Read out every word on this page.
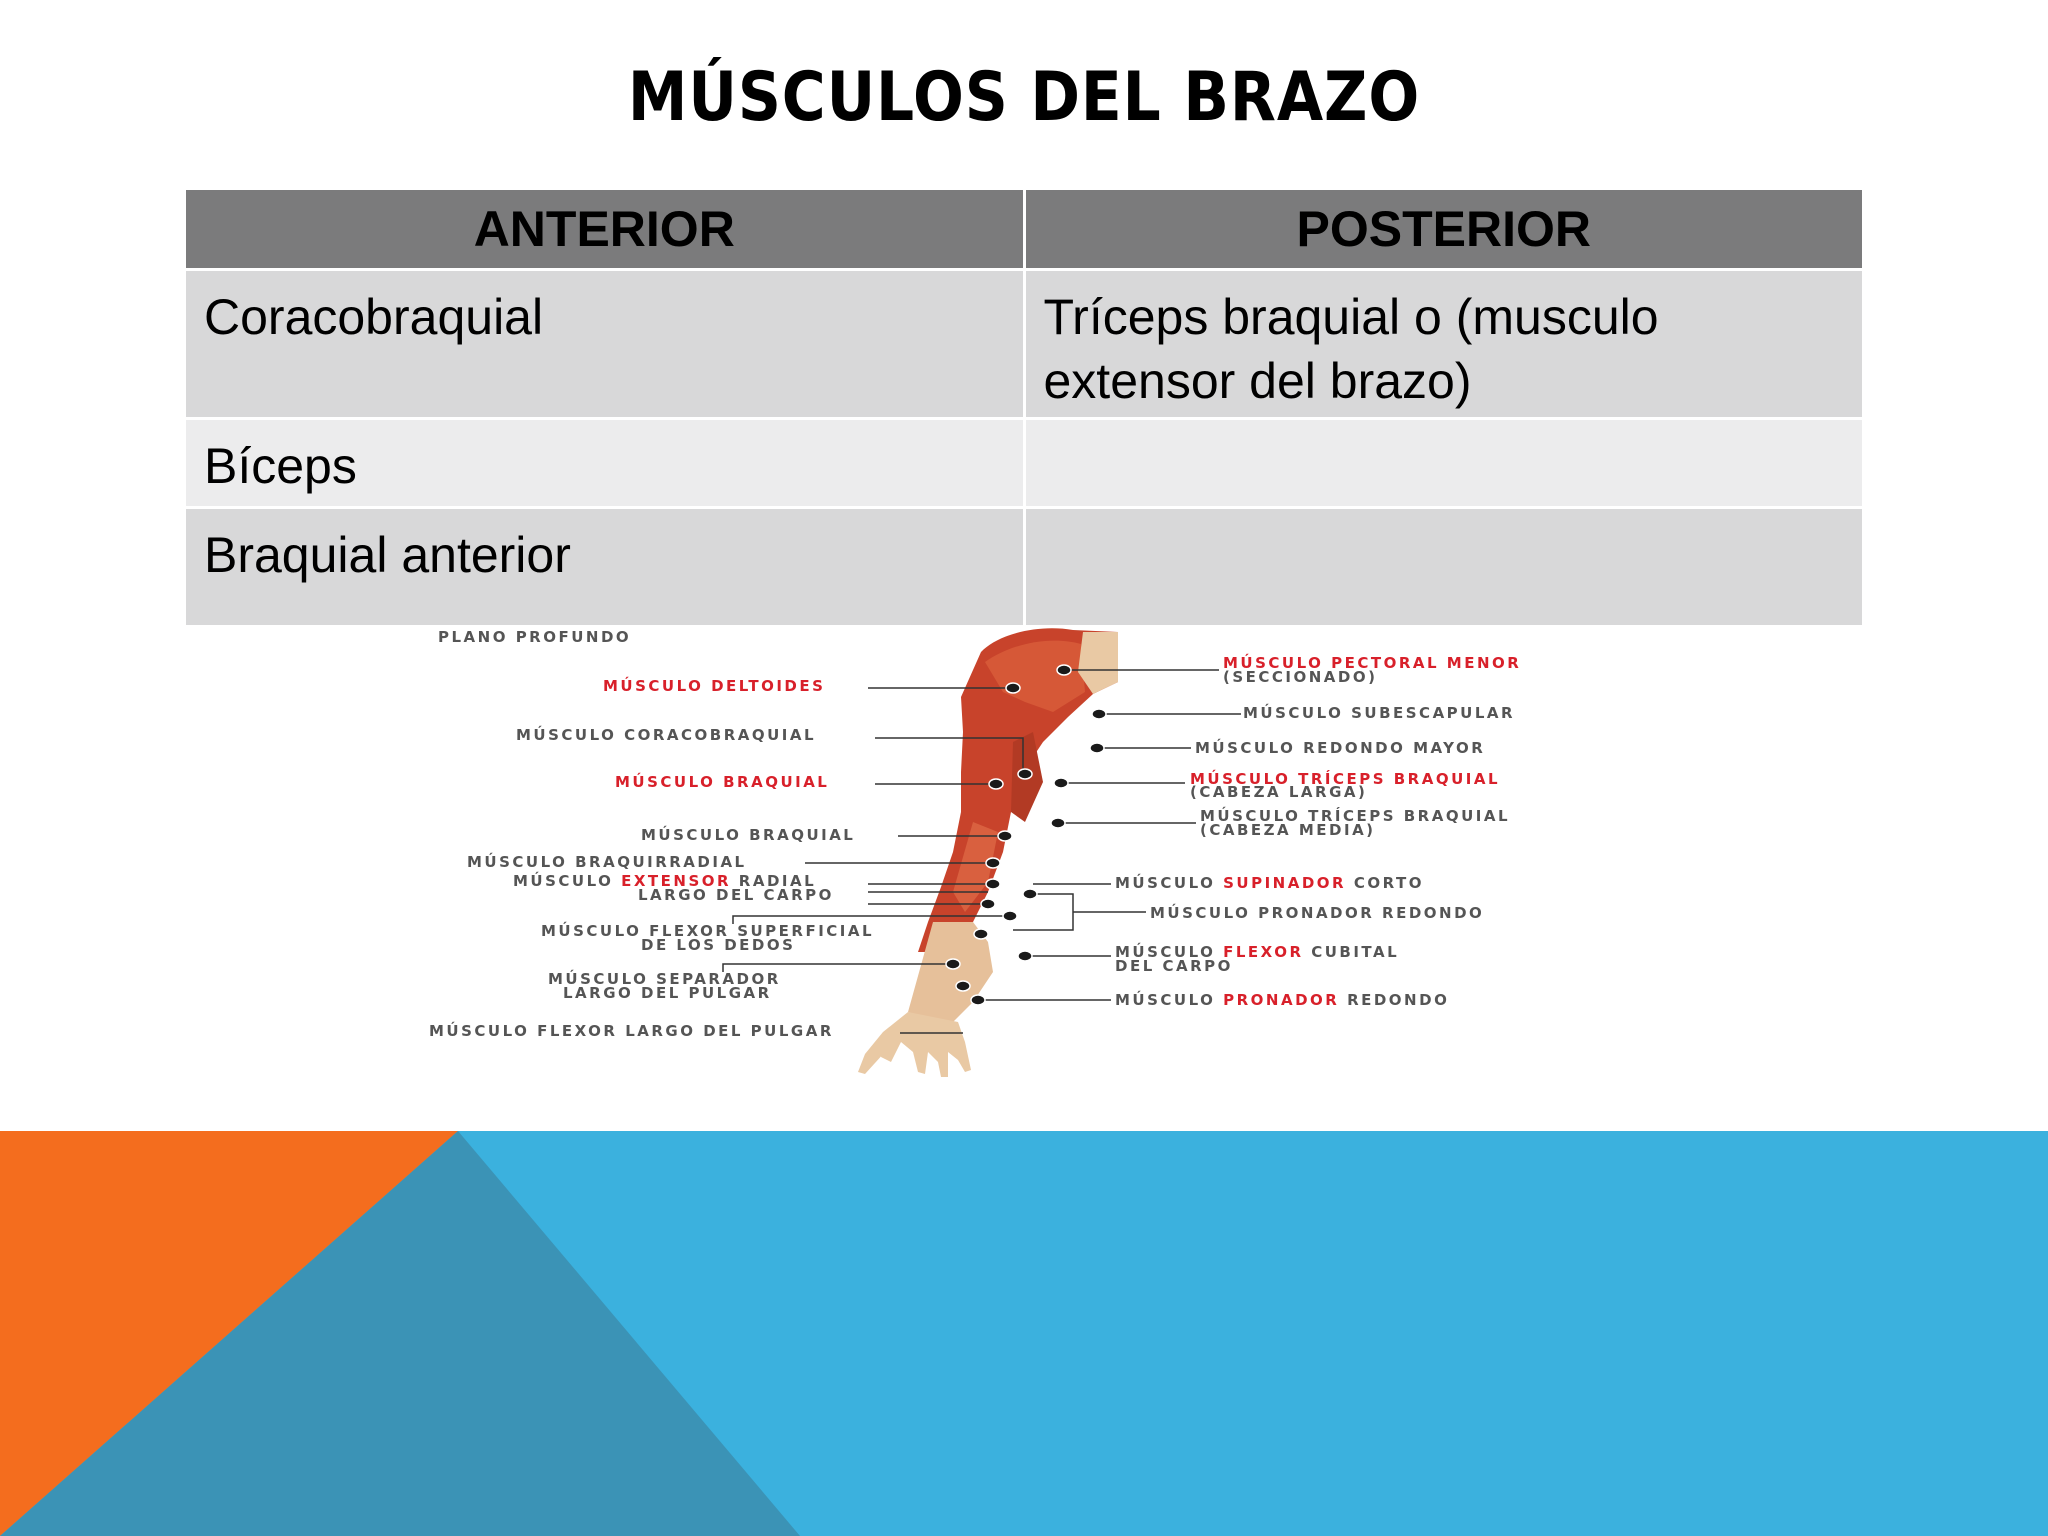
MÚSCULOS DEL BRAZO
ANTERIOR	POSTERIOR
Coracobraquial	Tríceps braquial o (musculo extensor del brazo)
Bíceps	
Braquial anterior	
PLANO PROFUNDO
MÚSCULO DELTOIDES
MÚSCULO CORACOBRAQUIAL
MÚSCULO BRAQUIAL
MÚSCULO BRAQUIAL
MÚSCULO BRAQUIRRADIAL
MÚSCULO EXTENSOR RADIAL
LARGO DEL CARPO
MÚSCULO FLEXOR SUPERFICIAL
DE LOS DEDOS
MÚSCULO SEPARADOR
LARGO DEL PULGAR
MÚSCULO FLEXOR LARGO DEL PULGAR
MÚSCULO PECTORAL MENOR
(SECCIONADO)
MÚSCULO SUBESCAPULAR
MÚSCULO REDONDO MAYOR
MÚSCULO TRÍCEPS BRAQUIAL
(CABEZA LARGA)
MÚSCULO TRÍCEPS BRAQUIAL
(CABEZA MEDIA)
MÚSCULO SUPINADOR CORTO
MÚSCULO PRONADOR REDONDO
MÚSCULO FLEXOR CUBITAL
DEL CARPO
MÚSCULO PRONADOR REDONDO
